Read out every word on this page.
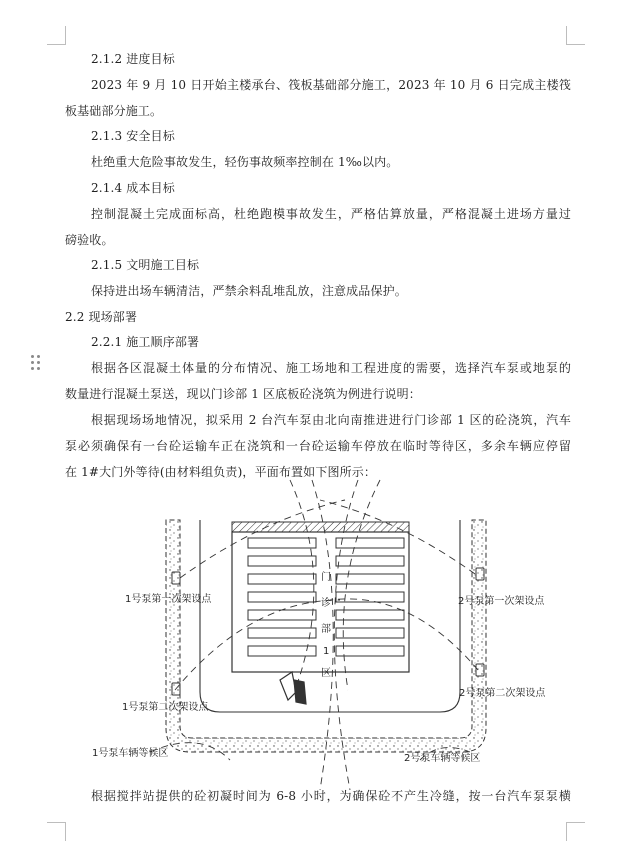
2.1.2 进度目标
2023 年 9 月 10 日开始主楼承台、筏板基础部分施工，2023 年 10 月 6 日完成主楼筏
板基础部分施工。
2.1.3 安全目标
杜绝重大危险事故发生，轻伤事故频率控制在 1‰以内。
2.1.4 成本目标
控制混凝土完成面标高，杜绝跑模事故发生，严格估算放量，严格混凝土进场方量过
磅验收。
2.1.5 文明施工目标
保持进出场车辆清洁，严禁余料乱堆乱放，注意成品保护。
2.2 现场部署
2.2.1 施工顺序部署
根据各区混凝土体量的分布情况、施工场地和工程进度的需要，选择汽车泵或地泵的
数量进行混凝土泵送，现以门诊部 1 区底板砼浇筑为例进行说明：
根据现场场地情况，拟采用 2 台汽车泵由北向南推进进行门诊部 1 区的砼浇筑，汽车
泵必须确保有一台砼运输车正在浇筑和一台砼运输车停放在临时等待区，多余车辆应停留
在 1#大门外等待(由材料组负责)，平面布置如下图所示：
门
诊
部
1
区
1号泵第一次架设点
1号泵第二次架设点
1号泵车辆等候区
2号泵第一次架设点
2号泵第二次架设点
2号泵车辆等候区
根据搅拌站提供的砼初凝时间为 6-8 小时，为确保砼不产生冷缝，按一台汽车泵泵横
